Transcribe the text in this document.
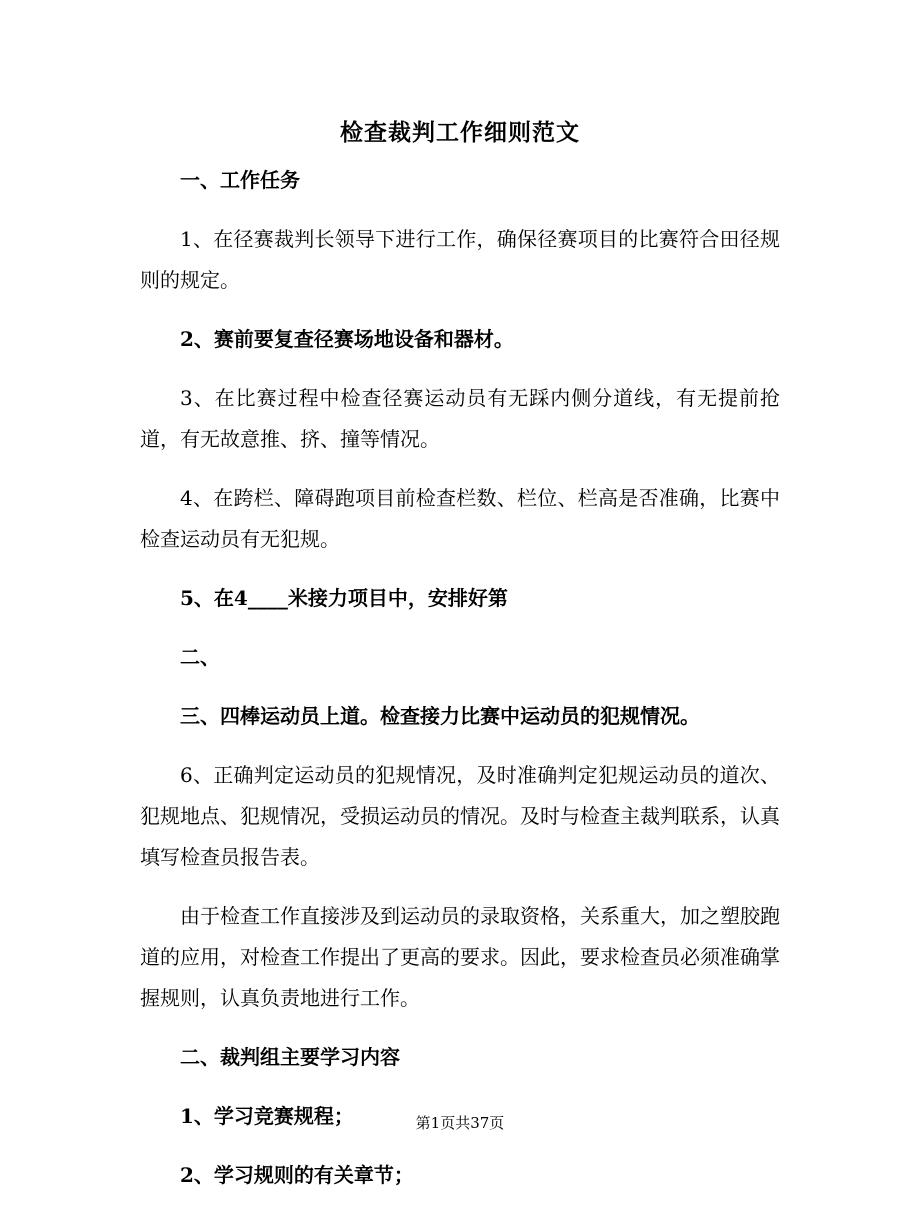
检查裁判工作细则范文

一、工作任务

1、在径赛裁判长领导下进行工作，确保径赛项目的比赛符合田径规则的规定。

2、赛前要复查径赛场地设备和器材。

3、在比赛过程中检查径赛运动员有无踩内侧分道线，有无提前抢道，有无故意推、挤、撞等情况。

4、在跨栏、障碍跑项目前检查栏数、栏位、栏高是否准确，比赛中检查运动员有无犯规。

5、在4____米接力项目中，安排好第

二、

三、四棒运动员上道。检查接力比赛中运动员的犯规情况。

6、正确判定运动员的犯规情况，及时准确判定犯规运动员的道次、犯规地点、犯规情况，受损运动员的情况。及时与检查主裁判联系，认真填写检查员报告表。

由于检查工作直接涉及到运动员的录取资格，关系重大，加之塑胶跑道的应用，对检查工作提出了更高的要求。因此，要求检查员必须准确掌握规则，认真负责地进行工作。

二、裁判组主要学习内容

1、学习竞赛规程；

2、学习规则的有关章节；

第1页共37页
